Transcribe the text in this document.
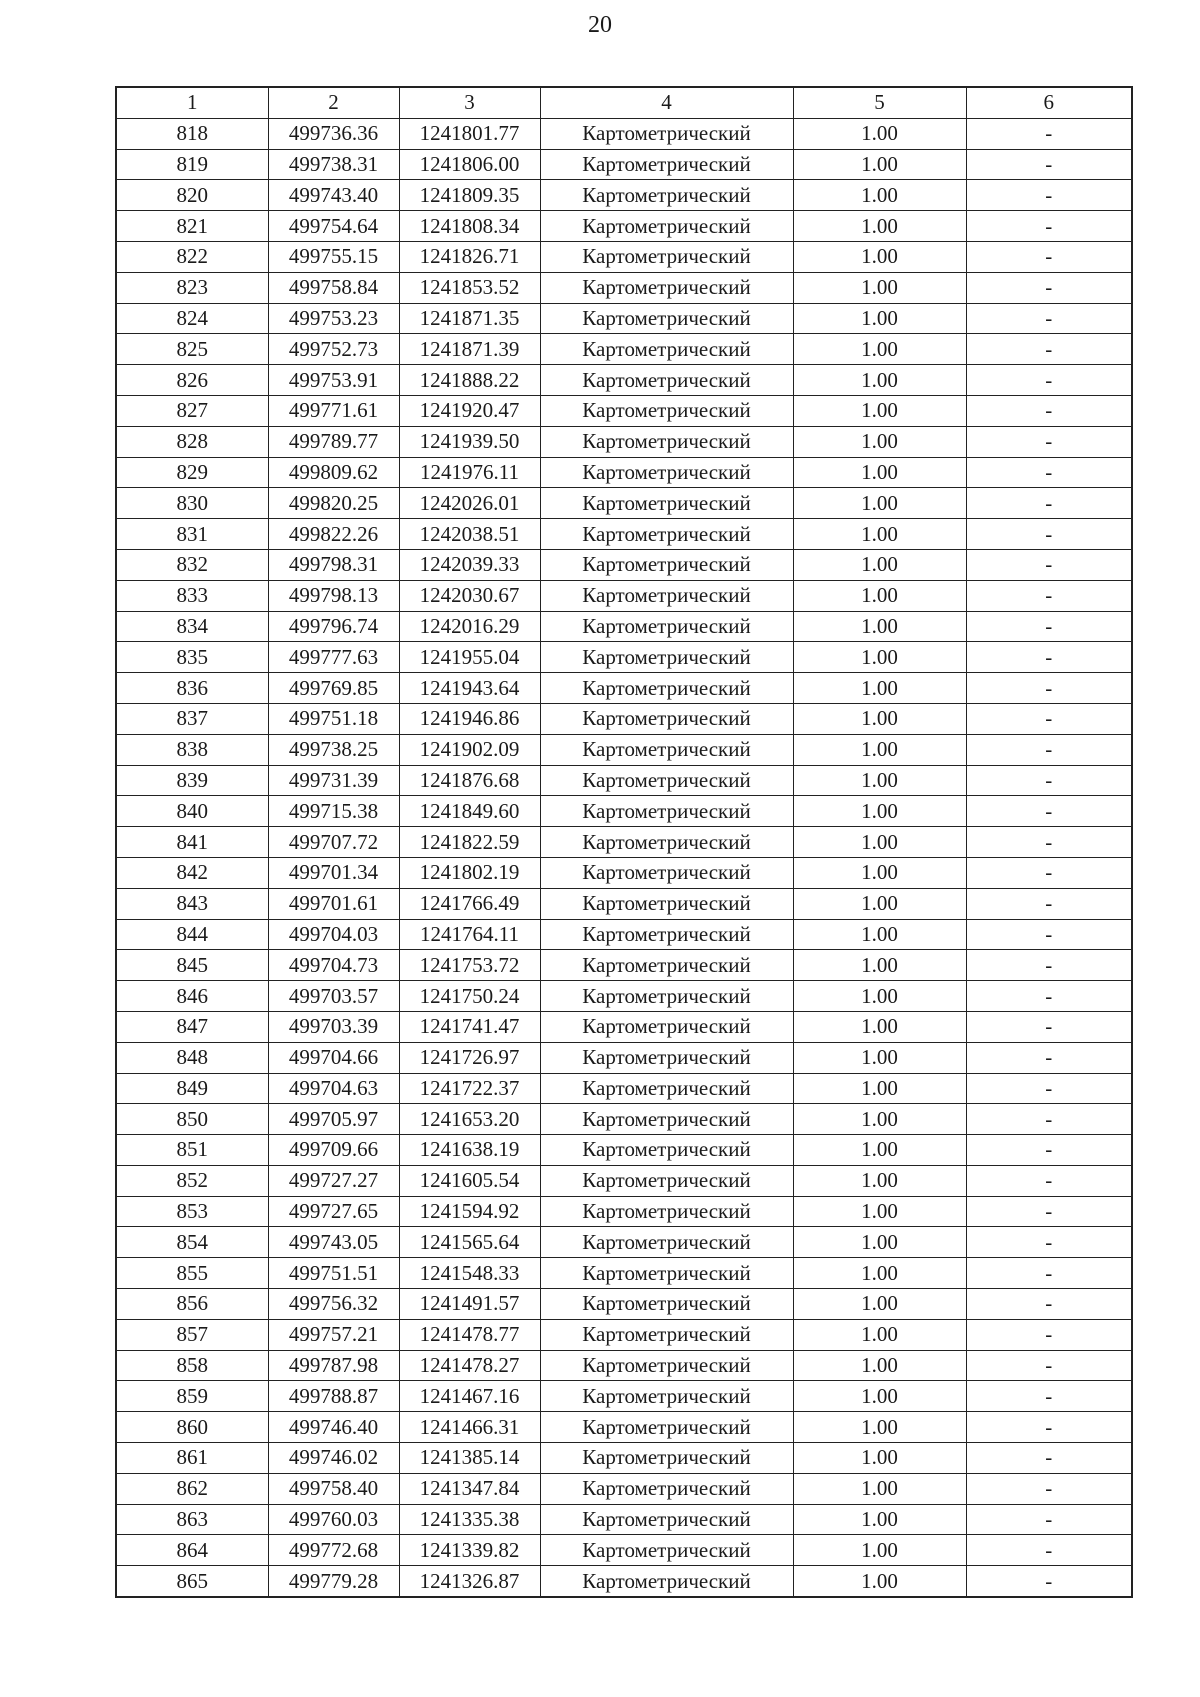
20
1	2	3	4	5	6
818	499736.36	1241801.77	Картометрический	1.00	-
819	499738.31	1241806.00	Картометрический	1.00	-
820	499743.40	1241809.35	Картометрический	1.00	-
821	499754.64	1241808.34	Картометрический	1.00	-
822	499755.15	1241826.71	Картометрический	1.00	-
823	499758.84	1241853.52	Картометрический	1.00	-
824	499753.23	1241871.35	Картометрический	1.00	-
825	499752.73	1241871.39	Картометрический	1.00	-
826	499753.91	1241888.22	Картометрический	1.00	-
827	499771.61	1241920.47	Картометрический	1.00	-
828	499789.77	1241939.50	Картометрический	1.00	-
829	499809.62	1241976.11	Картометрический	1.00	-
830	499820.25	1242026.01	Картометрический	1.00	-
831	499822.26	1242038.51	Картометрический	1.00	-
832	499798.31	1242039.33	Картометрический	1.00	-
833	499798.13	1242030.67	Картометрический	1.00	-
834	499796.74	1242016.29	Картометрический	1.00	-
835	499777.63	1241955.04	Картометрический	1.00	-
836	499769.85	1241943.64	Картометрический	1.00	-
837	499751.18	1241946.86	Картометрический	1.00	-
838	499738.25	1241902.09	Картометрический	1.00	-
839	499731.39	1241876.68	Картометрический	1.00	-
840	499715.38	1241849.60	Картометрический	1.00	-
841	499707.72	1241822.59	Картометрический	1.00	-
842	499701.34	1241802.19	Картометрический	1.00	-
843	499701.61	1241766.49	Картометрический	1.00	-
844	499704.03	1241764.11	Картометрический	1.00	-
845	499704.73	1241753.72	Картометрический	1.00	-
846	499703.57	1241750.24	Картометрический	1.00	-
847	499703.39	1241741.47	Картометрический	1.00	-
848	499704.66	1241726.97	Картометрический	1.00	-
849	499704.63	1241722.37	Картометрический	1.00	-
850	499705.97	1241653.20	Картометрический	1.00	-
851	499709.66	1241638.19	Картометрический	1.00	-
852	499727.27	1241605.54	Картометрический	1.00	-
853	499727.65	1241594.92	Картометрический	1.00	-
854	499743.05	1241565.64	Картометрический	1.00	-
855	499751.51	1241548.33	Картометрический	1.00	-
856	499756.32	1241491.57	Картометрический	1.00	-
857	499757.21	1241478.77	Картометрический	1.00	-
858	499787.98	1241478.27	Картометрический	1.00	-
859	499788.87	1241467.16	Картометрический	1.00	-
860	499746.40	1241466.31	Картометрический	1.00	-
861	499746.02	1241385.14	Картометрический	1.00	-
862	499758.40	1241347.84	Картометрический	1.00	-
863	499760.03	1241335.38	Картометрический	1.00	-
864	499772.68	1241339.82	Картометрический	1.00	-
865	499779.28	1241326.87	Картометрический	1.00	-
